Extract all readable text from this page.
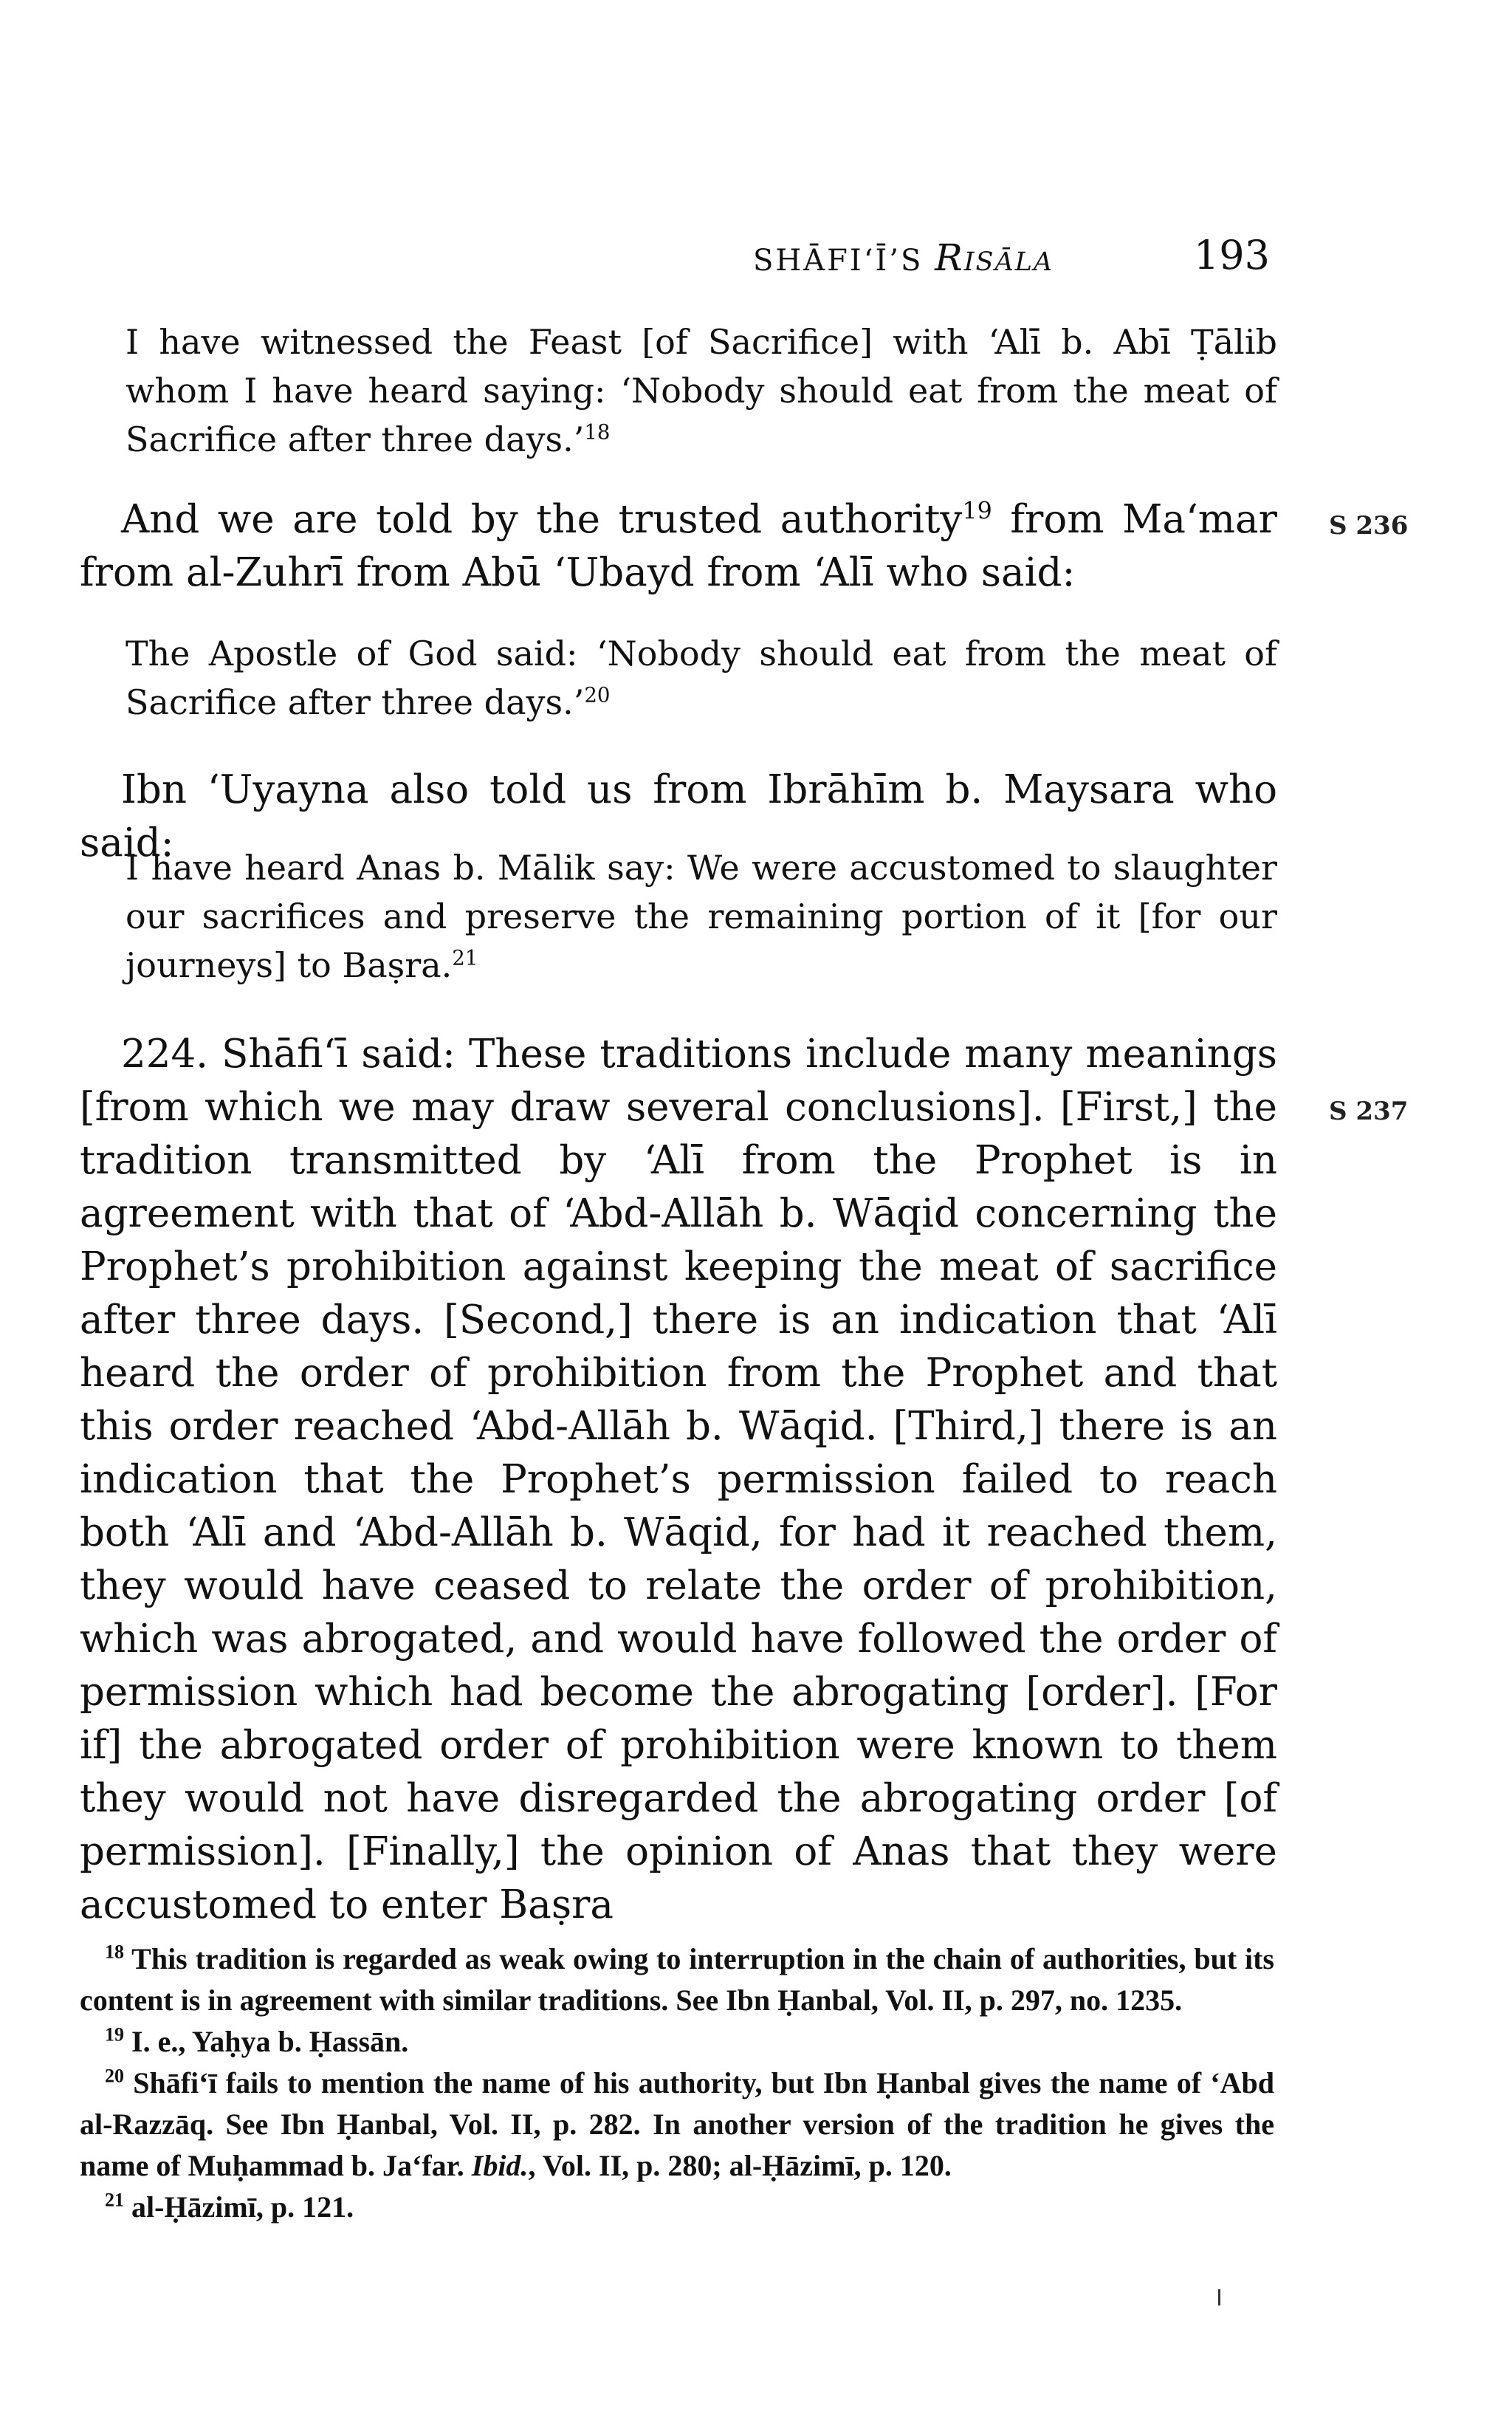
SHĀFI‘Ī’S Risāla	193
I have witnessed the Feast [of Sacrifice] with ‘Alī b. Abī Ṭālib whom I have heard saying: ‘Nobody should eat from the meat of Sacrifice after three days.’$^{18}$
And we are told by the trusted authority$^{19}$ from Ma‘mar from al-Zuhrī from Abū ‘Ubayd from ‘Alī who said:
S 236
The Apostle of God said: ‘Nobody should eat from the meat of Sacrifice after three days.’$^{20}$
Ibn ‘Uyayna also told us from Ibrāhīm b. Maysara who said:
I have heard Anas b. Mālik say: We were accustomed to slaughter our sacrifices and preserve the remaining portion of it [for our journeys] to Baṣra.$^{21}$
224. Shāfi‘ī said: These traditions include many meanings [from which we may draw several conclusions]. [First,] the tradition transmitted by ‘Alī from the Prophet is in agreement with that of ‘Abd-Allāh b. Wāqid concerning the Prophet’s prohibition against keeping the meat of sacrifice after three days. [Second,] there is an indication that ‘Alī heard the order of prohibition from the Prophet and that this order reached ‘Abd-Allāh b. Wāqid. [Third,] there is an indication that the Prophet’s permission failed to reach both ‘Alī and ‘Abd-Allāh b. Wāqid, for had it reached them, they would have ceased to relate the order of prohibition, which was abrogated, and would have followed the order of permission which had become the abrogating [order]. [For if] the abrogated order of prohibition were known to them they would not have disregarded the abrogating order [of permission]. [Finally,] the opinion of Anas that they were accustomed to enter Baṣra
S 237

$^{18}$ This tradition is regarded as weak owing to interruption in the chain of authorities, but its content is in agreement with similar traditions. See Ibn Ḥanbal, Vol. II, p. 297, no. 1235.

$^{19}$ I. e., Yaḥya b. Ḥassān.

$^{20}$ Shāfi‘ī fails to mention the name of his authority, but Ibn Ḥanbal gives the name of ‘Abd al-Razzāq. See Ibn Ḥanbal, Vol. II, p. 282. In another version of the tradition he gives the name of Muḥammad b. Ja‘far. Ibid., Vol. II, p. 280; al-Ḥāzimī, p. 120.

$^{21}$ al-Ḥāzimī, p. 121.
